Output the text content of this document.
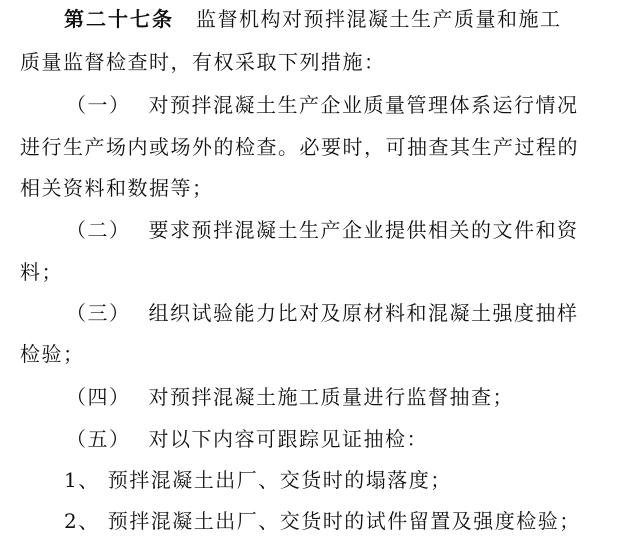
第二十七条 监督机构对预拌混凝土生产质量和施工
质量监督检查时，有权采取下列措施：
（一） 对预拌混凝土生产企业质量管理体系运行情况
进行生产场内或场外的检查。必要时，可抽查其生产过程的
相关资料和数据等；
（二） 要求预拌混凝土生产企业提供相关的文件和资
料；
（三） 组织试验能力比对及原材料和混凝土强度抽样
检验；
（四） 对预拌混凝土施工质量进行监督抽查；
（五） 对以下内容可跟踪见证抽检：
1、 预拌混凝土出厂、交货时的塌落度；
2、 预拌混凝土出厂、交货时的试件留置及强度检验；
